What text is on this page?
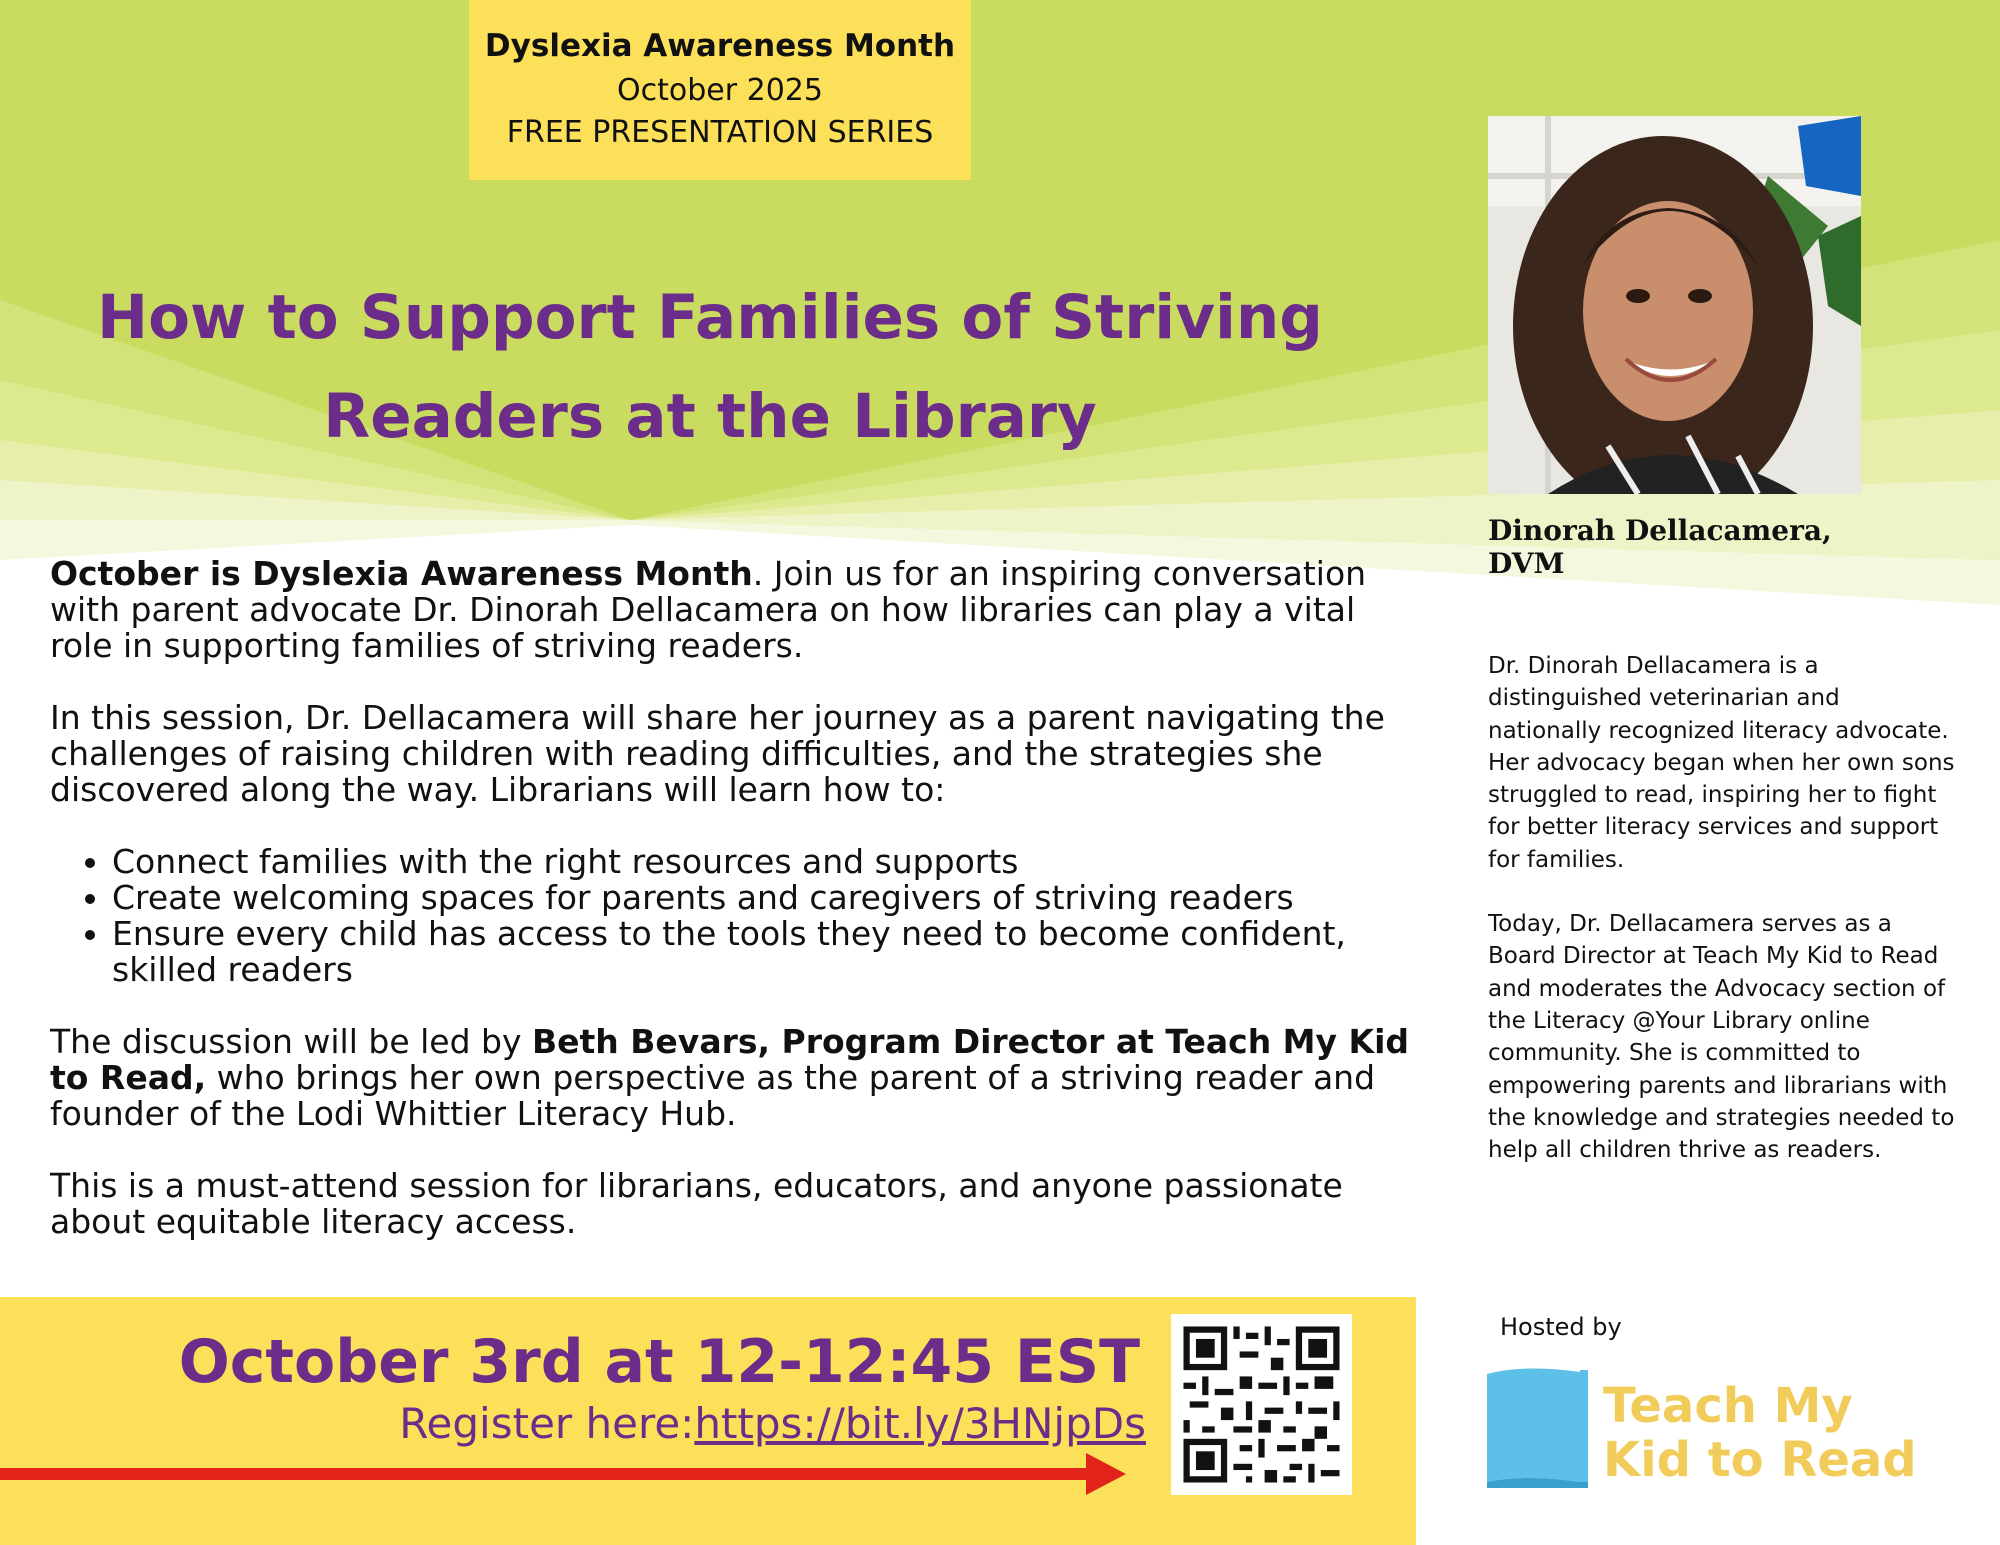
Dyslexia Awareness Month
October 2025
FREE PRESENTATION SERIES
How to Support Families of Striving
Readers at the Library
Dinorah Dellacamera, DVM

October is Dyslexia Awareness Month. Join us for an inspiring conversation with parent advocate Dr. Dinorah Dellacamera on how libraries can play a vital role in supporting families of striving readers.

In this session, Dr. Dellacamera will share her journey as a parent navigating the challenges of raising children with reading difficulties, and the strategies she discovered along the way. Librarians will learn how to:

• Connect families with the right resources and supports
• Create welcoming spaces for parents and caregivers of striving readers
• Ensure every child has access to the tools they need to become confident, skilled readers

The discussion will be led by Beth Bevars, Program Director at Teach My Kid to Read, who brings her own perspective as the parent of a striving reader and founder of the Lodi Whittier Literacy Hub.

This is a must-attend session for librarians, educators, and anyone passionate about equitable literacy access.

Dr. Dinorah Dellacamera is a distinguished veterinarian and nationally recognized literacy advocate. Her advocacy began when her own sons struggled to read, inspiring her to fight for better literacy services and support for families.

Today, Dr. Dellacamera serves as a Board Director at Teach My Kid to Read and moderates the Advocacy section of the Literacy @Your Library online community. She is committed to empowering parents and librarians with the knowledge and strategies needed to help all children thrive as readers.

October 3rd at 12-12:45 EST
Register here:https://bit.ly/3HNjpDs
Hosted by
Teach My
Kid to Read
